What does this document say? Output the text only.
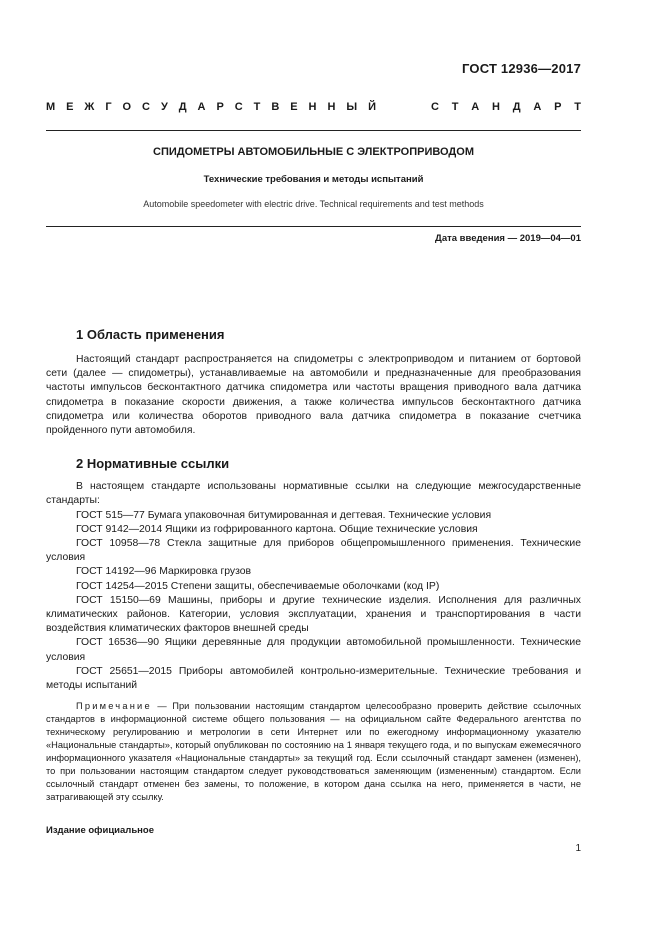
ГОСТ 12936—2017
М Е Ж Г О С У Д А Р С Т В Е Н Н Ы Й	С Т А Н Д А Р Т
СПИДОМЕТРЫ АВТОМОБИЛЬНЫЕ С ЭЛЕКТРОПРИВОДОМ
Технические требования и методы испытаний
Automobile speedometer with electric drive. Technical requirements and test methods
Дата введения — 2019—04—01
1 Область применения

Настоящий стандарт распространяется на спидометры с электроприводом и питанием от бортовой сети (далее — спидометры), устанавливаемые на автомобили и предназначенные для преобразования частоты импульсов бесконтактного датчика спидометра или частоты вращения приводного вала датчика спидометра в показание скорости движения, а также количества импульсов бесконтактного датчика спидометра или количества оборотов приводного вала датчика спидометра в показание счетчика пройденного пути автомобиля.

2 Нормативные ссылки

В настоящем стандарте использованы нормативные ссылки на следующие межгосударственные стандарты:

ГОСТ 515—77 Бумага упаковочная битумированная и дегтевая. Технические условия

ГОСТ 9142—2014 Ящики из гофрированного картона. Общие технические условия

ГОСТ 10958—78 Стекла защитные для приборов общепромышленного применения. Технические условия

ГОСТ 14192—96 Маркировка грузов

ГОСТ 14254—2015 Степени защиты, обеспечиваемые оболочками (код IP)

ГОСТ 15150—69 Машины, приборы и другие технические изделия. Исполнения для различных климатических районов. Категории, условия эксплуатации, хранения и транспортирования в части воздействия климатических факторов внешней среды

ГОСТ 16536—90 Ящики деревянные для продукции автомобильной промышленности. Технические условия

ГОСТ 25651—2015 Приборы автомобилей контрольно-измерительные. Технические требования и методы испытаний

Примечание — При пользовании настоящим стандартом целесообразно проверить действие ссылочных стандартов в информационной системе общего пользования — на официальном сайте Федерального агентства по техническому регулированию и метрологии в сети Интернет или по ежегодному информационному указателю «Национальные стандарты», который опубликован по состоянию на 1 января текущего года, и по выпускам ежемесячного информационного указателя «Национальные стандарты» за текущий год. Если ссылочный стандарт заменен (изменен), то при пользовании настоящим стандартом следует руководствоваться заменяющим (измененным) стандартом. Если ссылочный стандарт отменен без замены, то положение, в котором дана ссылка на него, применяется в части, не затрагивающей эту ссылку.

Издание официальное
1
